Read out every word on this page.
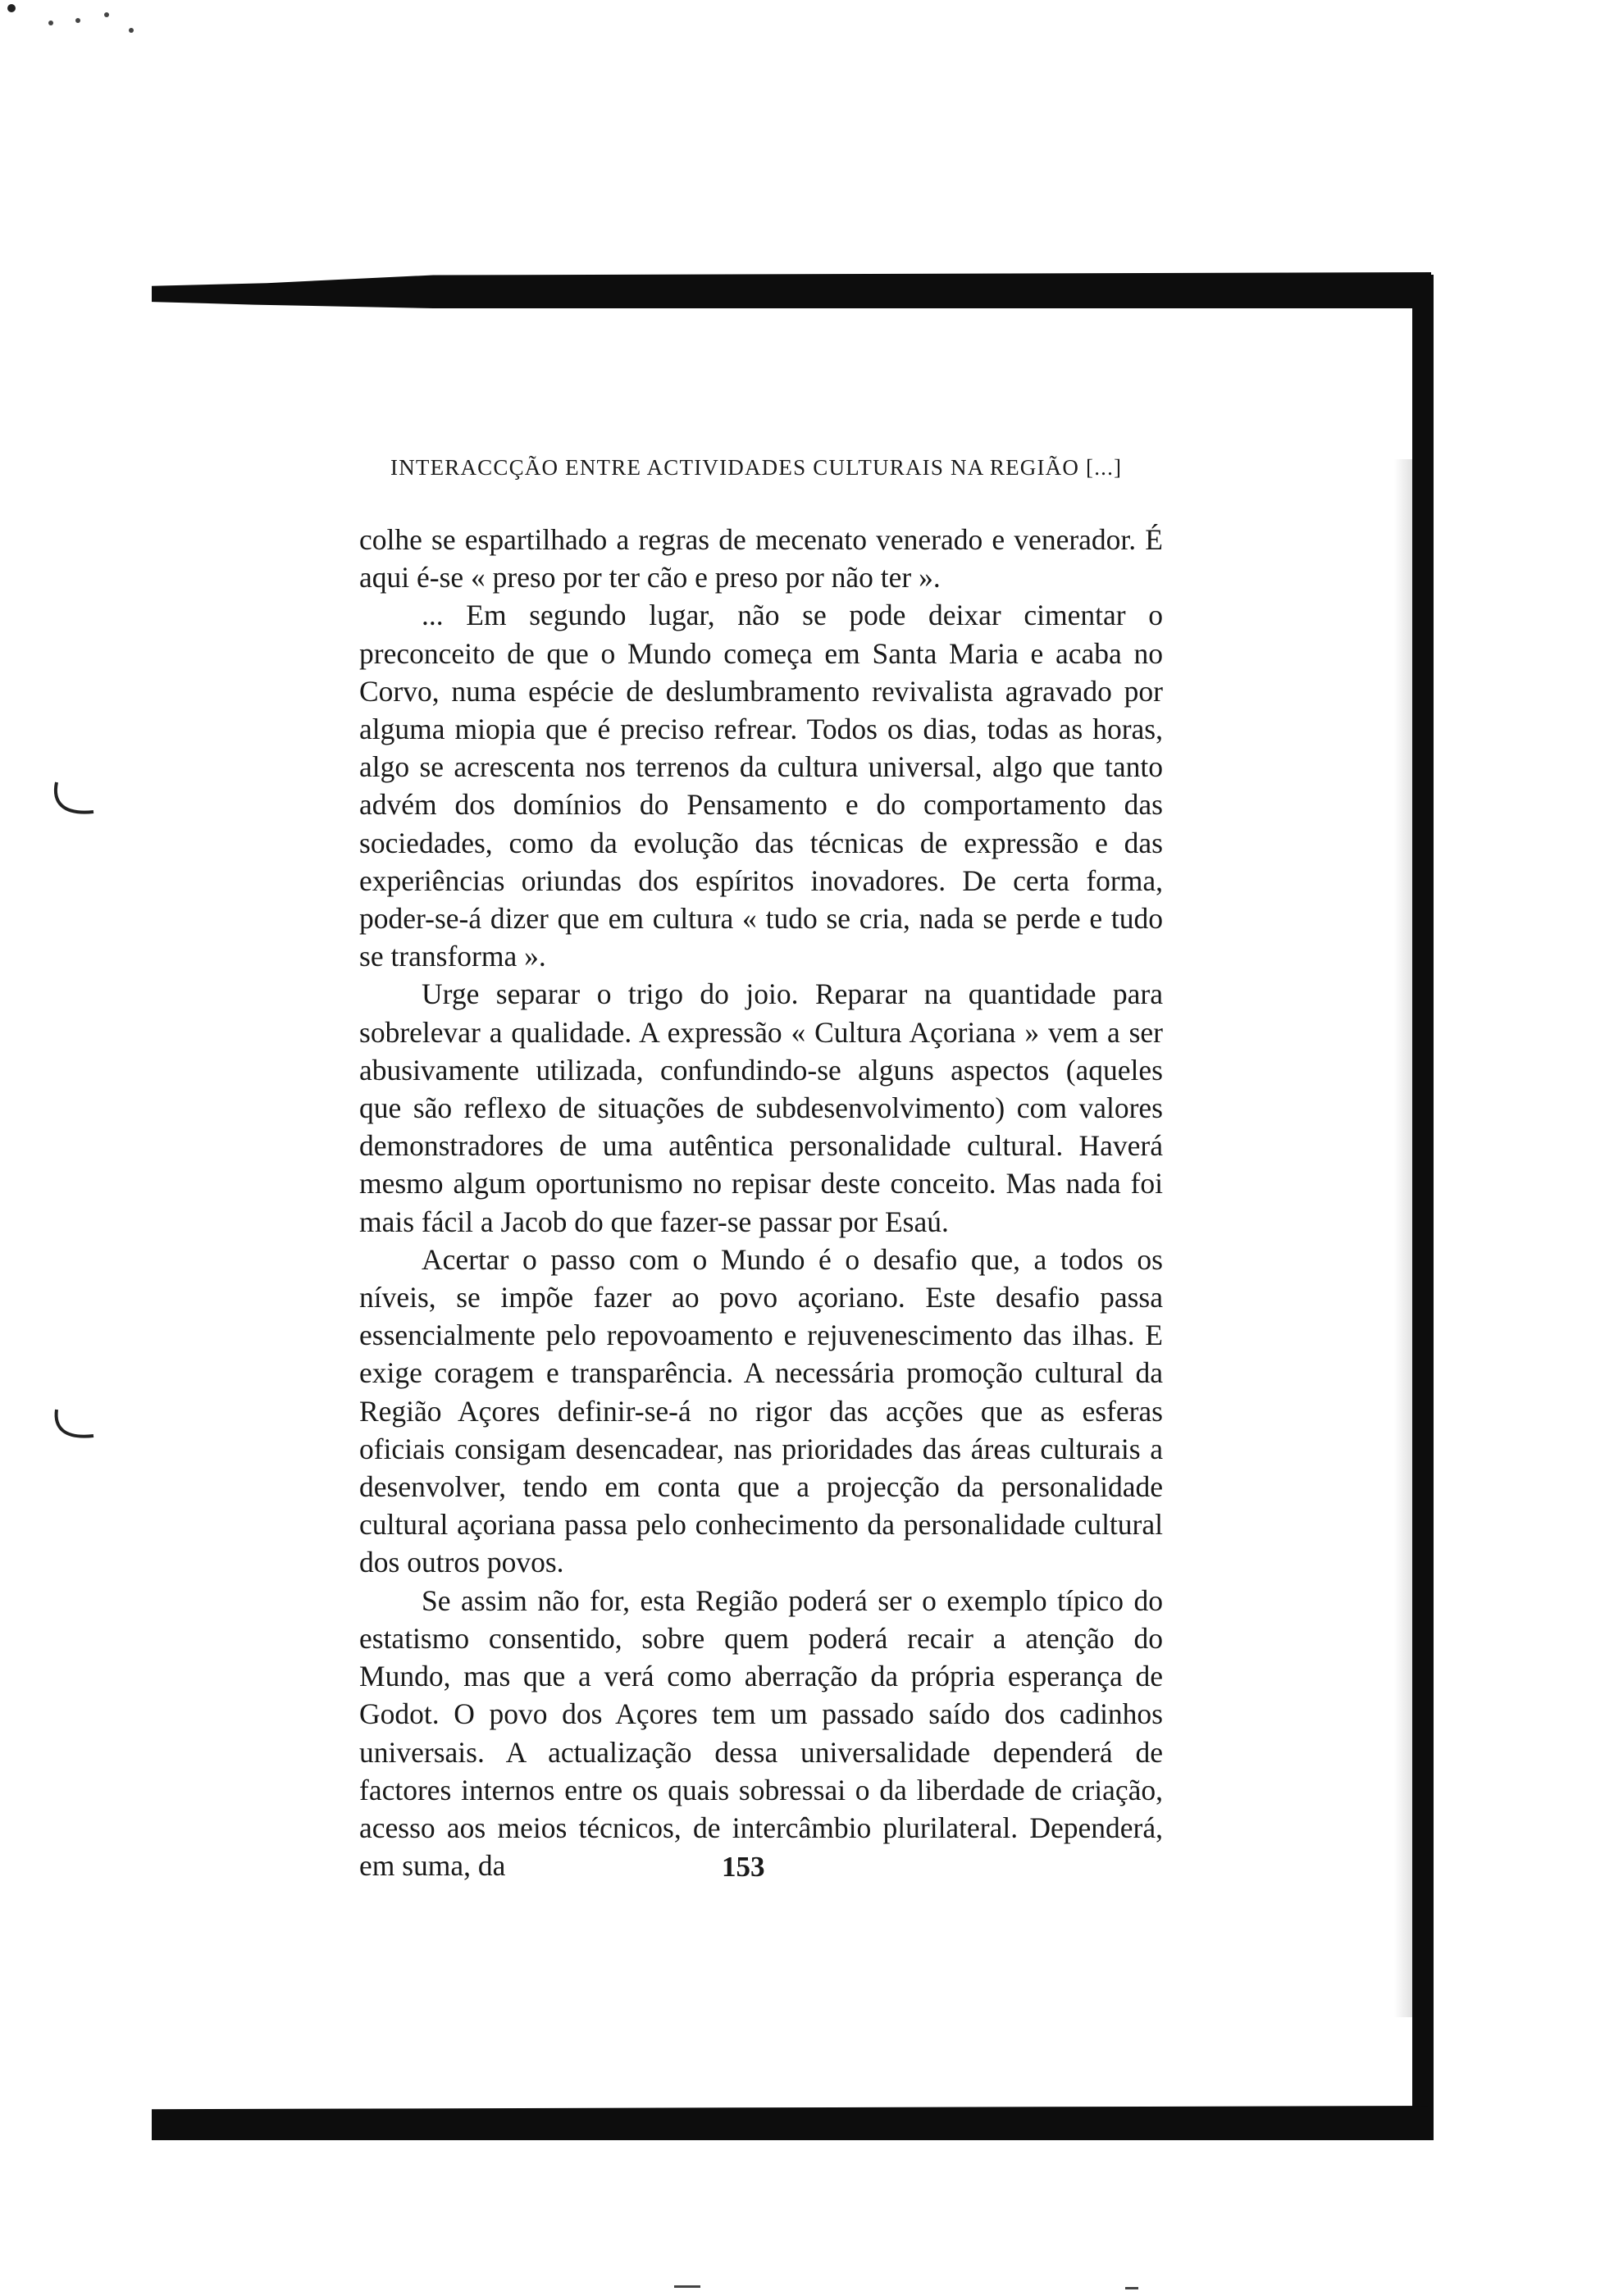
INTERACCÇÃO ENTRE ACTIVIDADES CULTURAIS NA REGIÃO [...]

colhe se espartilhado a regras de mecenato venerado e venerador. É aqui é-se « preso por ter cão e preso por não ter ».

... Em segundo lugar, não se pode deixar cimentar o preconceito de que o Mundo começa em Santa Maria e acaba no Corvo, numa espécie de deslumbramento revivalista agravado por alguma miopia que é preciso refrear. Todos os dias, todas as horas, algo se acrescenta nos terrenos da cultura universal, algo que tanto advém dos domínios do Pensamento e do comportamento das sociedades, como da evolução das técnicas de expressão e das experiências oriundas dos espíritos inovadores. De certa forma, poder-se-á dizer que em cultura « tudo se cria, nada se perde e tudo se transforma ».

Urge separar o trigo do joio. Reparar na quantidade para sobrelevar a qualidade. A expressão « Cultura Açoriana » vem a ser abusivamente utilizada, confundindo-se alguns aspectos (aqueles que são reflexo de situações de subdesenvolvimento) com valores demonstradores de uma autêntica personalidade cultural. Haverá mesmo algum oportunismo no repisar deste conceito. Mas nada foi mais fácil a Jacob do que fazer-se passar por Esaú.

Acertar o passo com o Mundo é o desafio que, a todos os níveis, se impõe fazer ao povo açoriano. Este desafio passa essencialmente pelo repovoamento e rejuvenescimento das ilhas. E exige coragem e transparência. A necessária promoção cultural da Região Açores definir-se-á no rigor das acções que as esferas oficiais consigam desencadear, nas prioridades das áreas culturais a desenvolver, tendo em conta que a projecção da personalidade cultural açoriana passa pelo conhecimento da personalidade cultural dos outros povos.

Se assim não for, esta Região poderá ser o exemplo típico do estatismo consentido, sobre quem poderá recair a atenção do Mundo, mas que a verá como aberração da própria esperança de Godot. O povo dos Açores tem um passado saído dos cadinhos universais. A actualização dessa universalidade dependerá de factores internos entre os quais sobressai o da liberdade de criação, acesso aos meios técnicos, de intercâmbio plurilateral. Dependerá, em suma, da	153
